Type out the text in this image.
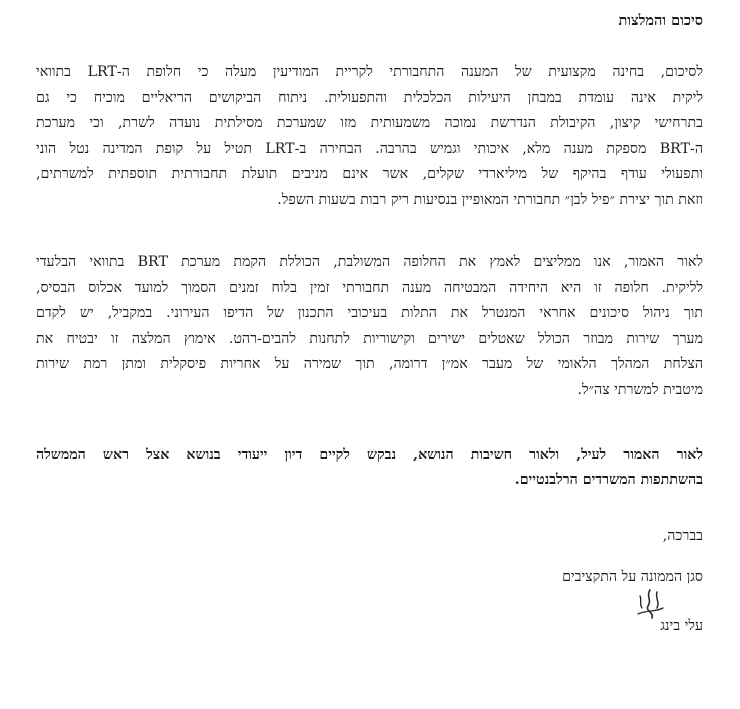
סיכום והמלצות
לסיכום, בחינה מקצועית של המענה התחבורתי לקריית המודיעין מעלה כי חלופת ה-LRT בתוואי
ליקית אינה עומדת במבחן היעילות הכלכלית והתפעולית. ניתוח הביקושים הריאליים מוכיח כי גם
בתרחישי קיצון, הקיבולת הנדרשת נמוכה משמעותית מזו שמערכת מסילתית נועדה לשרת, וכי מערכת
ה-BRT מספקת מענה מלא, איכותי וגמיש בהרבה. הבחירה ב-LRT תטיל על קופת המדינה נטל הוני
ותפעולי עודף בהיקף של מיליארדי שקלים, אשר אינם מניבים תועלת תחבורתית תוספתית למשרתים,
וזאת תוך יצירת ״פיל לבן״ תחבורתי המאופיין בנסיעות ריק רבות בשעות השפל.
לאור האמור, אנו ממליצים לאמץ את החלופה המשולבת, הכוללת הקמת מערכת BRT בתוואי הבלעדי
לליקית. חלופה זו היא היחידה המבטיחה מענה תחבורתי זמין בלוח זמנים הסמוך למועד אכלוס הבסיס,
תוך ניהול סיכונים אחראי המנטרל את התלות בעיכובי התכנון של הדיפו העירוני. במקביל, יש לקדם
מערך שירות מבוזר הכולל שאטלים ישירים וקישוריות לתחנות להבים-רהט. אימוץ המלצה זו יבטיח את
הצלחת המהלך הלאומי של מעבר אמ״ן דרומה, תוך שמירה על אחריות פיסקלית ומתן רמת שירות
מיטבית למשרתי צה״ל.
לאור האמור לעיל, ולאור חשיבות הנושא, נבקש לקיים דיון ייעודי בנושא אצל ראש הממשלה
בהשתתפות המשרדים הרלבנטיים.
בברכה,
סגן הממונה על התקציבים
עלי בינג
